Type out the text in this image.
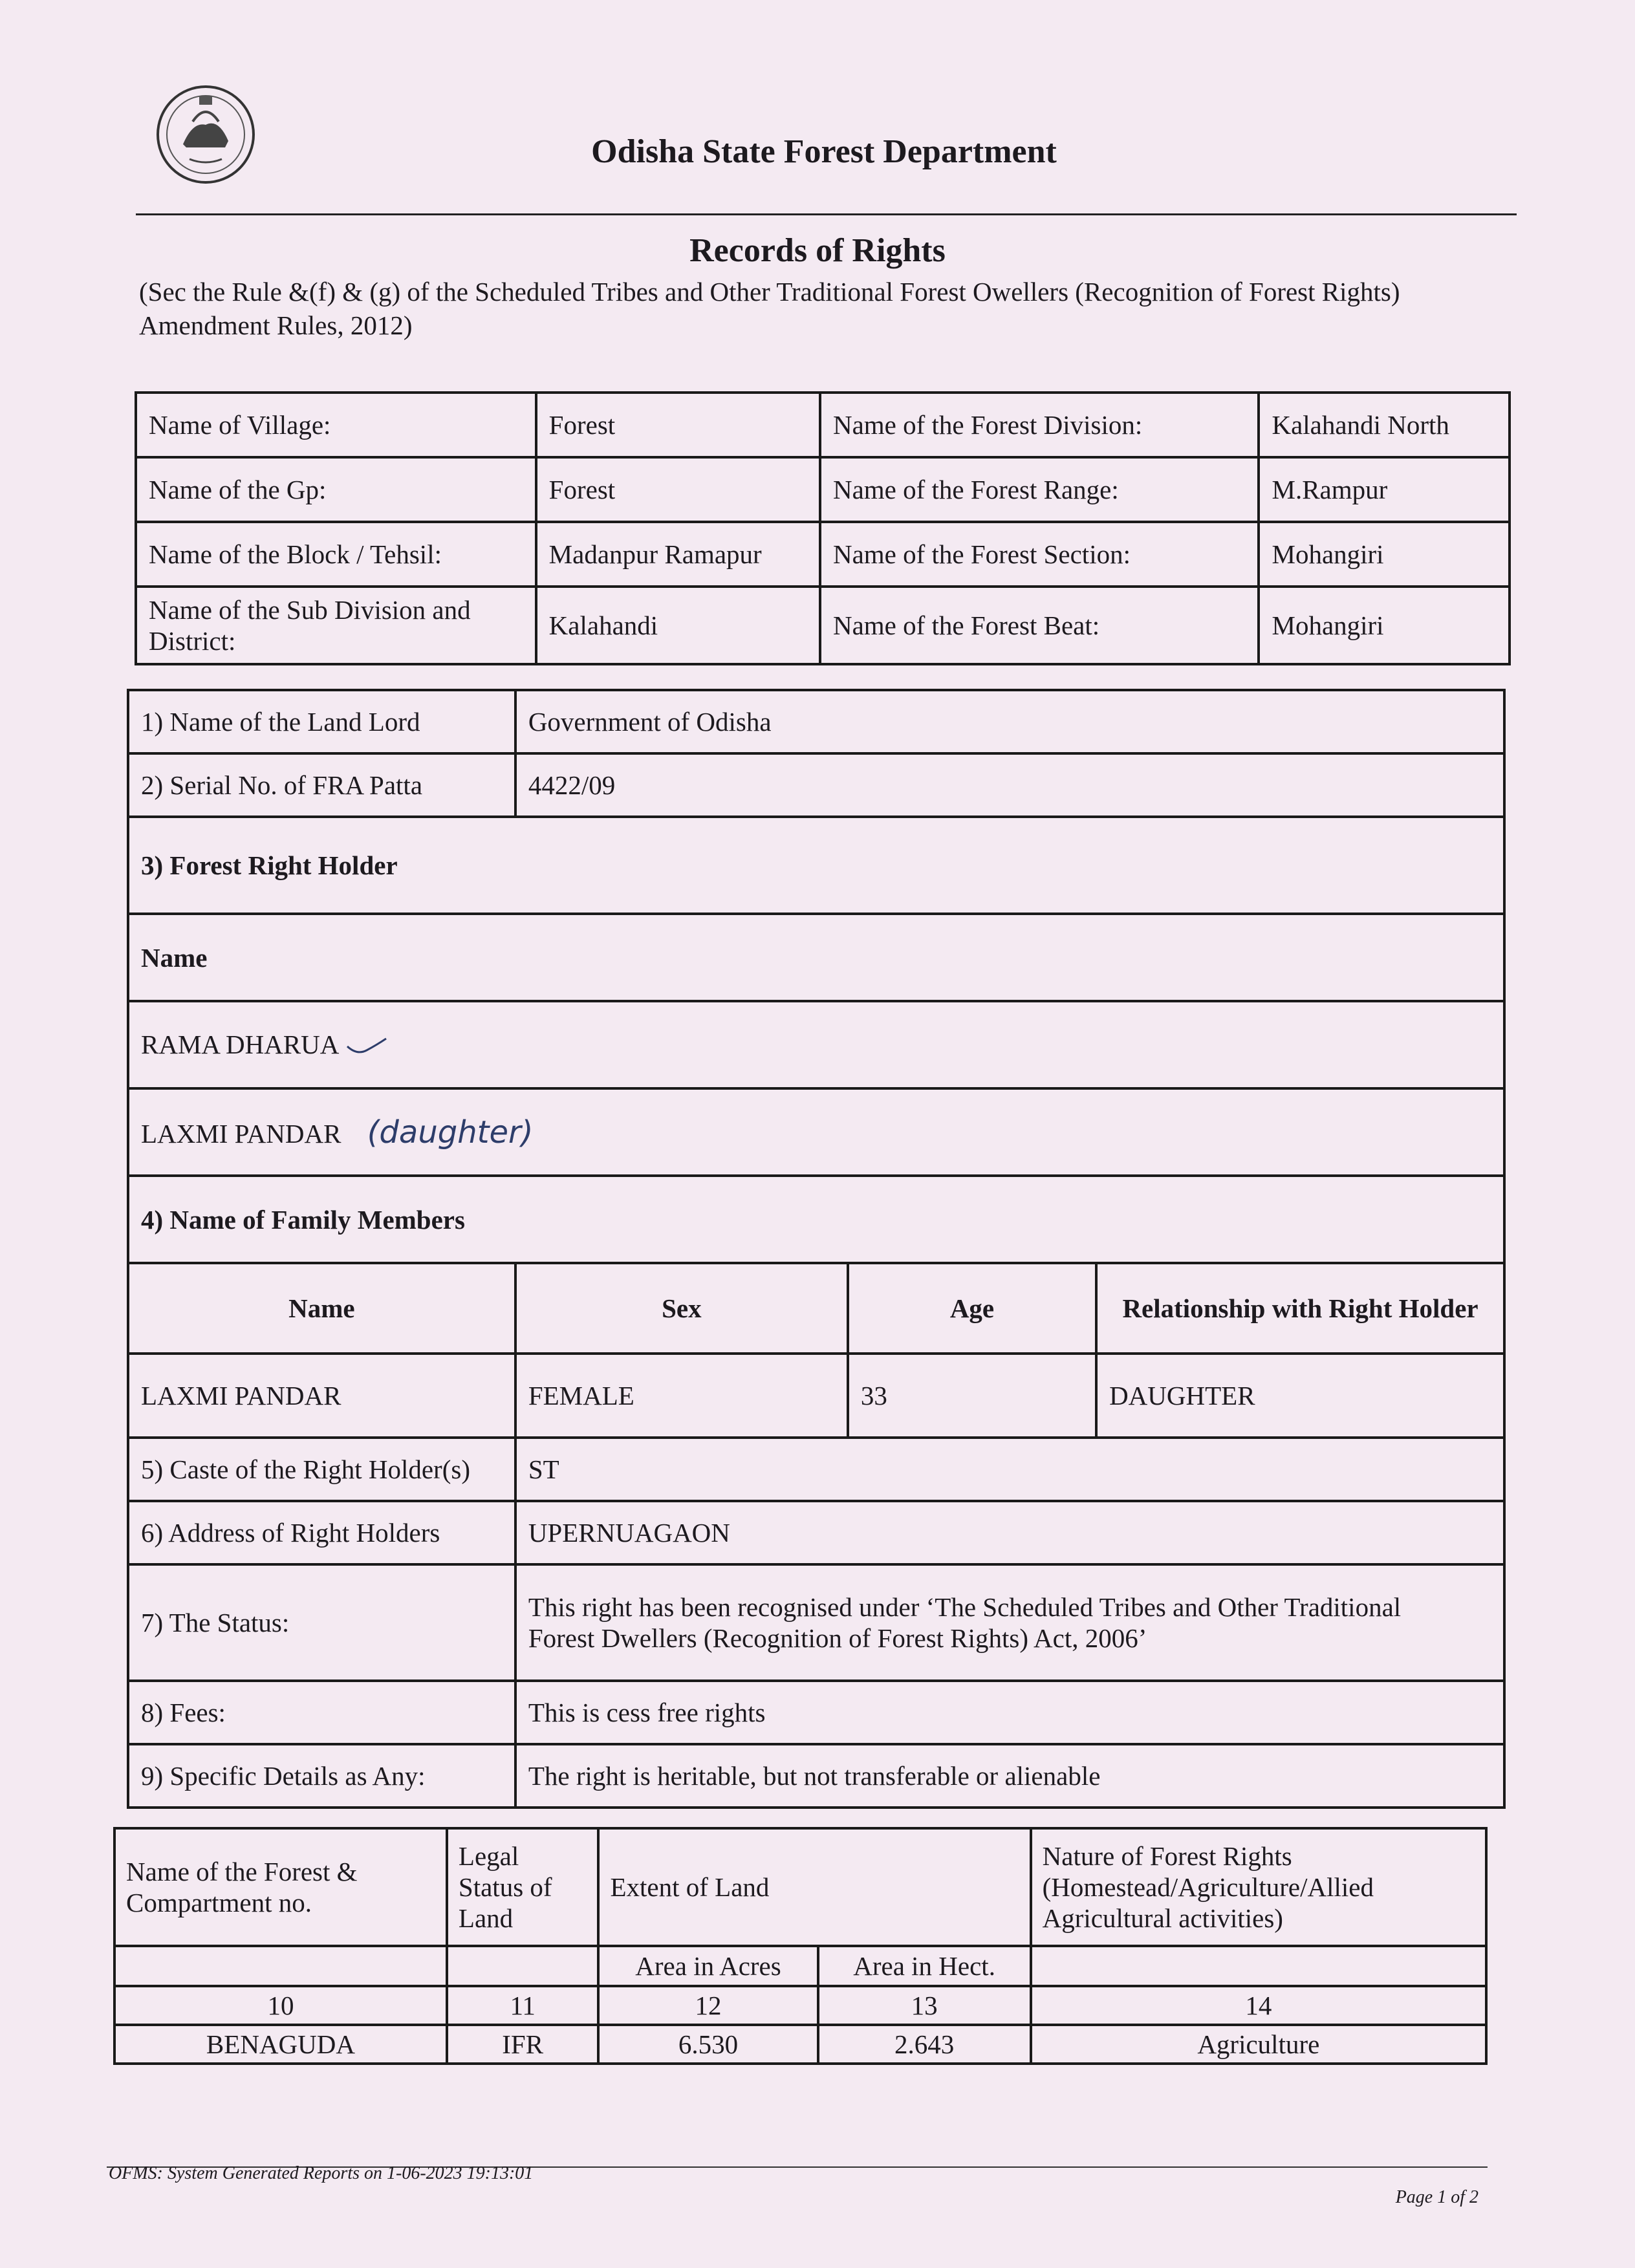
Odisha State Forest Department
Records of Rights
(Sec the Rule &(f) & (g) of the Scheduled Tribes and Other Traditional Forest Owellers (Recognition of Forest Rights) Amendment Rules, 2012)
Name of Village:	Forest	Name of the Forest Division:	Kalahandi North
Name of the Gp:	Forest	Name of the Forest Range:	M.Rampur
Name of the Block / Tehsil:	Madanpur Ramapur	Name of the Forest Section:	Mohangiri
Name of the Sub Division and District:	Kalahandi	Name of the Forest Beat:	Mohangiri
1) Name of the Land Lord	Government of Odisha		
2) Serial No. of FRA Patta	4422/09		
3) Forest Right Holder			
Name			
RAMA DHARUA			
LAXMI PANDAR (daughter)			
4) Name of Family Members			
Name	Sex	Age	Relationship with Right Holder
LAXMI PANDAR	FEMALE	33	DAUGHTER
5) Caste of the Right Holder(s)	ST		
6) Address of Right Holders	UPERNUAGAON		
7) The Status:	This right has been recognised under ‘The Scheduled Tribes and Other Traditional
Forest Dwellers (Recognition of Forest Rights) Act, 2006’		

8) Fees:	This is cess free rights		
9) Specific Details as Any:	The right is heritable, but not transferable or alienable		
Name of the Forest & Compartment no.	Legal Status of Land	Extent of Land		Nature of Forest Rights (Homestead/Agriculture/Allied Agricultural activities)
		Area in Acres	Area in Hect.	
10	11	12	13	14
BENAGUDA	IFR	6.530	2.643	Agriculture
OFMS: System Generated Reports on 1-06-2023 19:13:01
Page 1 of 2
